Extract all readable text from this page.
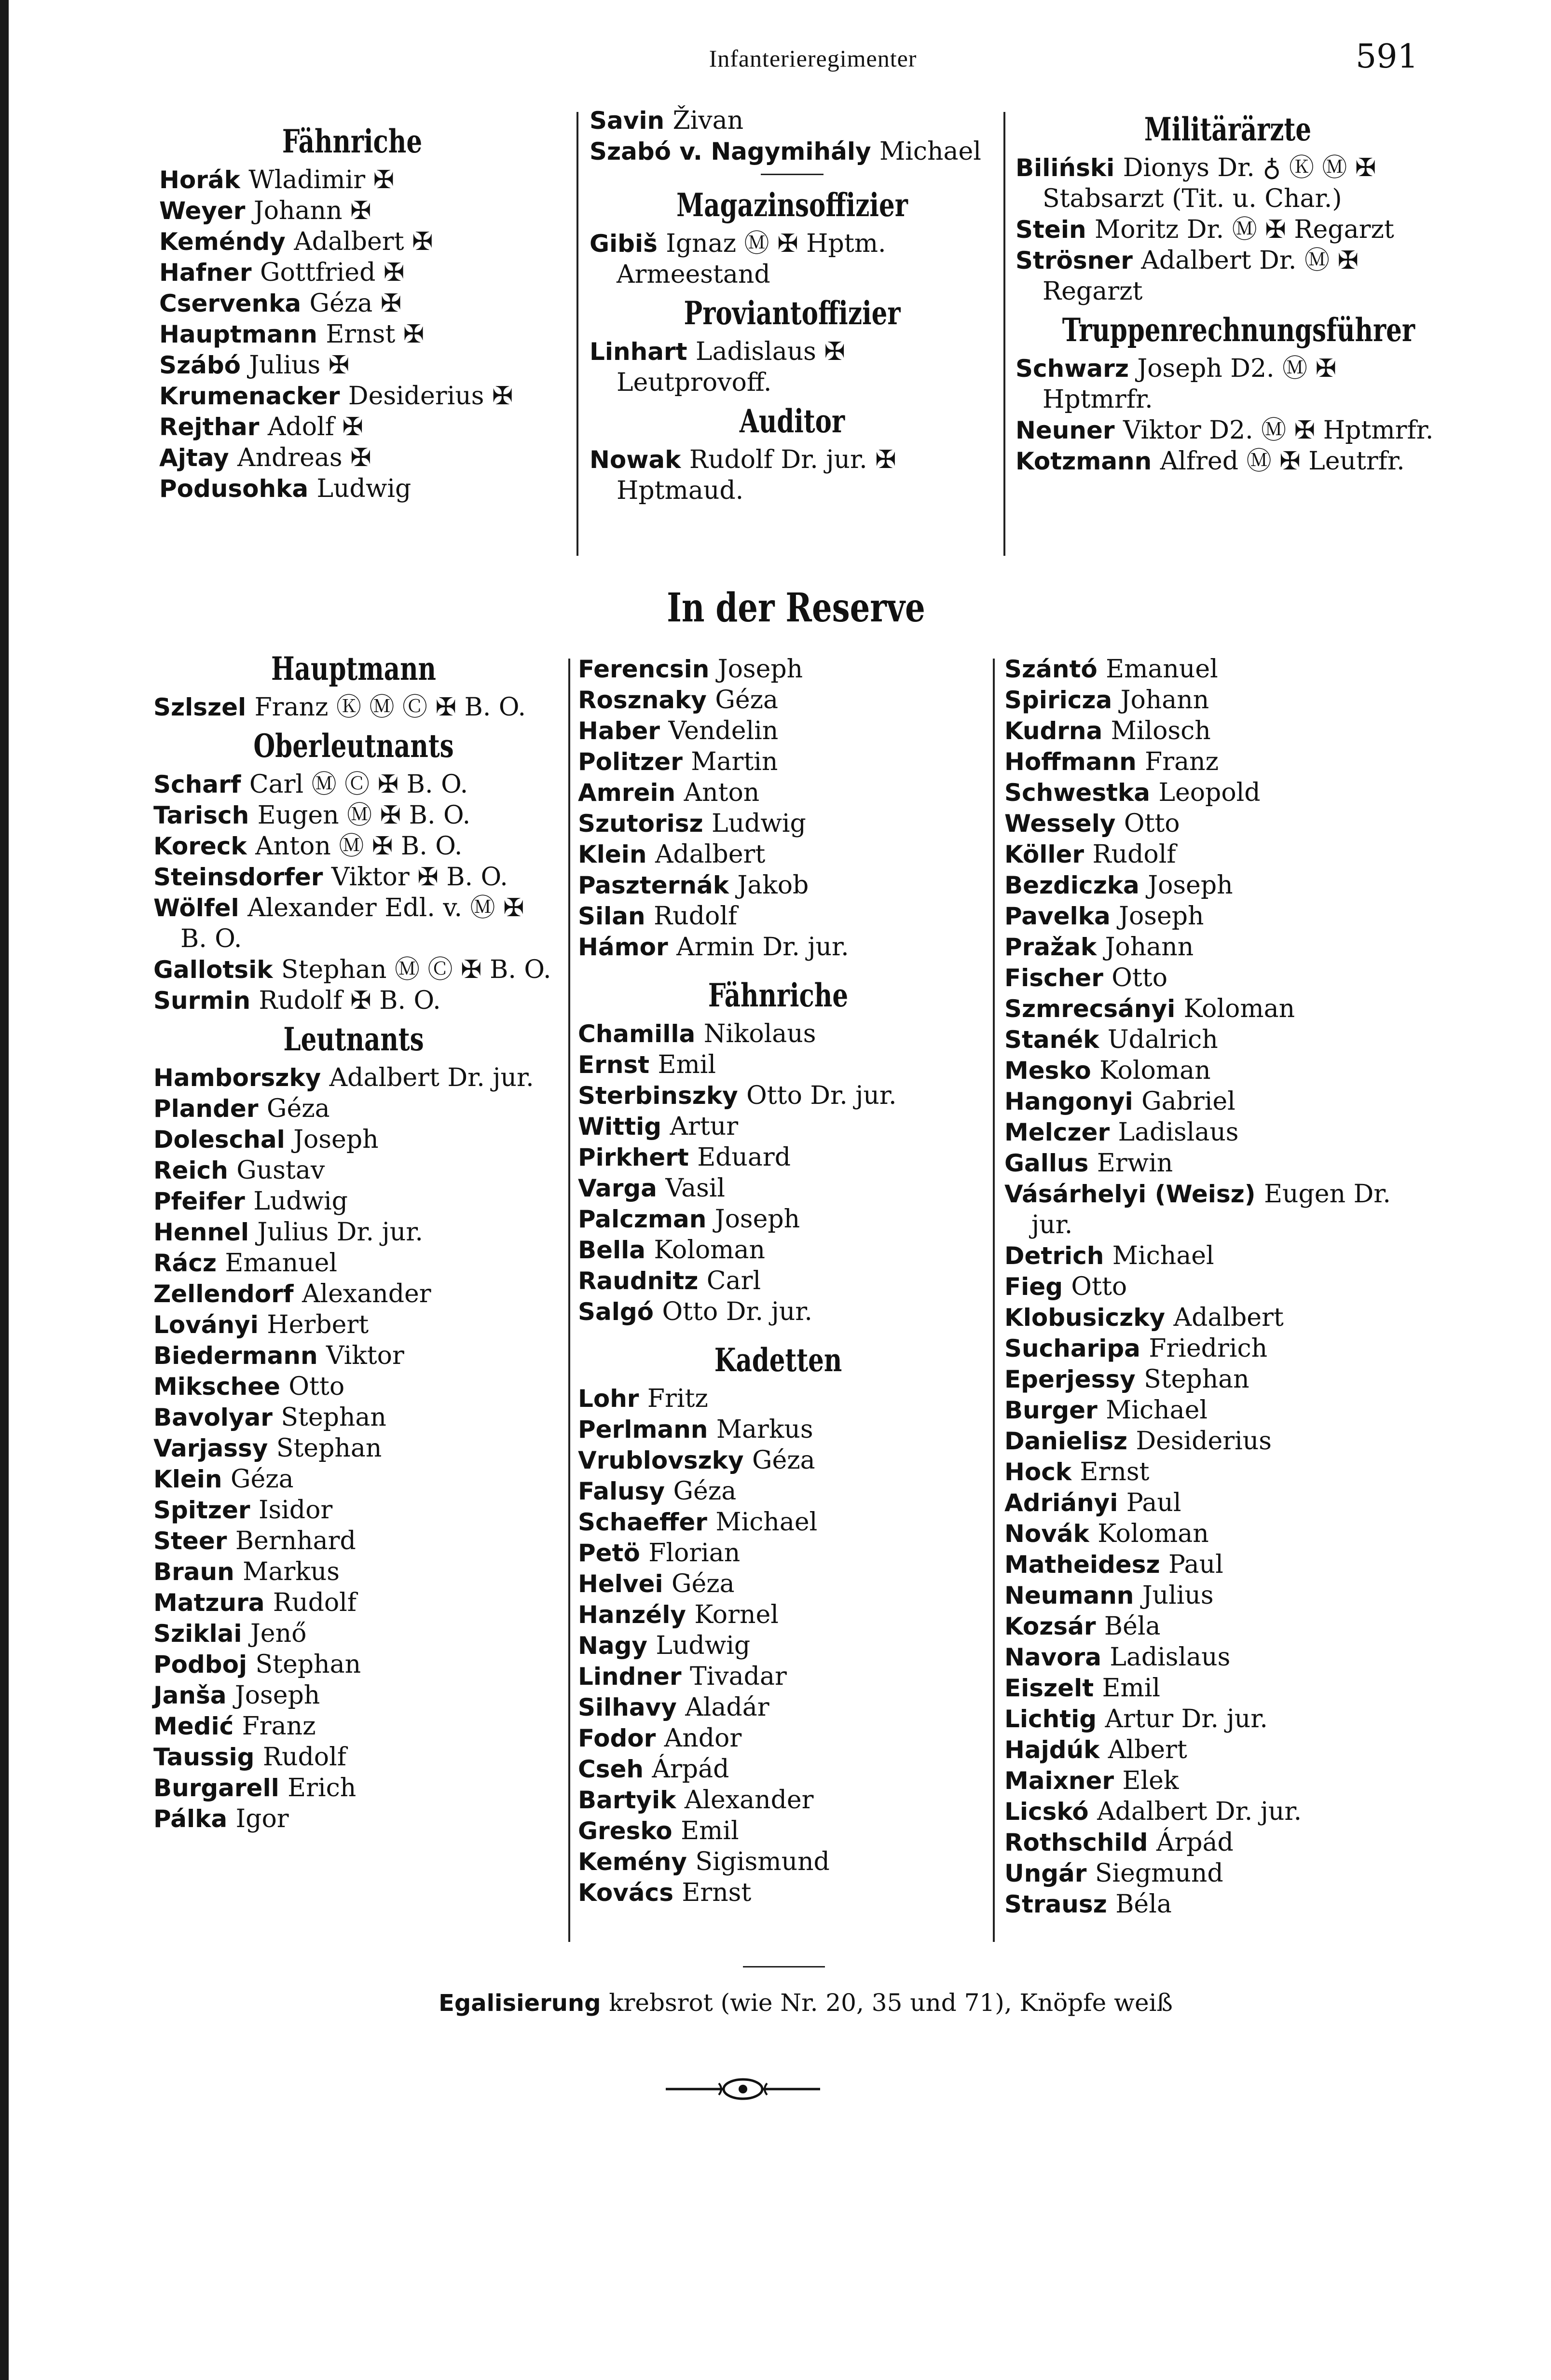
Infanterieregimenter	591
Fähnriche
Horák Wladimir ✠
Weyer Johann ✠
Keméndy Adalbert ✠
Hafner Gottfried ✠
Cservenka Géza ✠
Hauptmann Ernst ✠
Szábó Julius ✠
Krumenacker Desiderius ✠
Rejthar Adolf ✠
Ajtay Andreas ✠
Podusohka Ludwig
Savin Živan
Szabó v. Nagymihály Michael
Magazinsoffizier
Gibiš Ignaz Ⓜ ✠ Hptm. Armeestand
Proviantoffizier
Linhart Ladislaus ✠ Leutprovoff.
Auditor
Nowak Rudolf Dr. jur. ✠ Hptmaud.
Militärärzte
Biliński Dionys Dr. ♁ Ⓚ Ⓜ ✠ Stabsarzt (Tit. u. Char.)
Stein Moritz Dr. Ⓜ ✠ Regarzt
Strösner Adalbert Dr. Ⓜ ✠ Regarzt
Truppenrechnungsführer
Schwarz Joseph D2. Ⓜ ✠ Hptmrfr.
Neuner Viktor D2. Ⓜ ✠ Hptmrfr.
Kotzmann Alfred Ⓜ ✠ Leutrfr.
In der Reserve
Hauptmann
Szlszel Franz Ⓚ Ⓜ Ⓒ ✠ B. O.
Oberleutnants
Scharf Carl Ⓜ Ⓒ ✠ B. O.
Tarisch Eugen Ⓜ ✠ B. O.
Koreck Anton Ⓜ ✠ B. O.
Steinsdorfer Viktor ✠ B. O.
Wölfel Alexander Edl. v. Ⓜ ✠ B. O.
Gallotsik Stephan Ⓜ Ⓒ ✠ B. O.
Surmin Rudolf ✠ B. O.
Leutnants
Hamborszky Adalbert Dr. jur.
Plander Géza
Doleschal Joseph
Reich Gustav
Pfeifer Ludwig
Hennel Julius Dr. jur.
Rácz Emanuel
Zellendorf Alexander
Loványi Herbert
Biedermann Viktor
Mikschee Otto
Bavolyar Stephan
Varjassy Stephan
Klein Géza
Spitzer Isidor
Steer Bernhard
Braun Markus
Matzura Rudolf
Sziklai Jenő
Podboj Stephan
Janša Joseph
Medić Franz
Taussig Rudolf
Burgarell Erich
Pálka Igor
Ferencsin Joseph
Rosznaky Géza
Haber Vendelin
Politzer Martin
Amrein Anton
Szutorisz Ludwig
Klein Adalbert
Paszternák Jakob
Silan Rudolf
Hámor Armin Dr. jur.
Fähnriche
Chamilla Nikolaus
Ernst Emil
Sterbinszky Otto Dr. jur.
Wittig Artur
Pirkhert Eduard
Varga Vasil
Palczman Joseph
Bella Koloman
Raudnitz Carl
Salgó Otto Dr. jur.
Kadetten
Lohr Fritz
Perlmann Markus
Vrublovszky Géza
Falusy Géza
Schaeffer Michael
Petö Florian
Helvei Géza
Hanzély Kornel
Nagy Ludwig
Lindner Tivadar
Silhavy Aladár
Fodor Andor
Cseh Árpád
Bartyik Alexander
Gresko Emil
Kemény Sigismund
Kovács Ernst
Szántó Emanuel
Spiricza Johann
Kudrna Milosch
Hoffmann Franz
Schwestka Leopold
Wessely Otto
Köller Rudolf
Bezdiczka Joseph
Pavelka Joseph
Pražak Johann
Fischer Otto
Szmrecsányi Koloman
Stanék Udalrich
Mesko Koloman
Hangonyi Gabriel
Melczer Ladislaus
Gallus Erwin
Vásárhelyi (Weisz) Eugen Dr. jur.
Detrich Michael
Fieg Otto
Klobusiczky Adalbert
Sucharipa Friedrich
Eperjessy Stephan
Burger Michael
Danielisz Desiderius
Hock Ernst
Adriányi Paul
Novák Koloman
Matheidesz Paul
Neumann Julius
Kozsár Béla
Navora Ladislaus
Eiszelt Emil
Lichtig Artur Dr. jur.
Hajdúk Albert
Maixner Elek
Licskó Adalbert Dr. jur.
Rothschild Árpád
Ungár Siegmund
Strausz Béla
Egalisierung krebsrot (wie Nr. 20, 35 und 71), Knöpfe weiß
